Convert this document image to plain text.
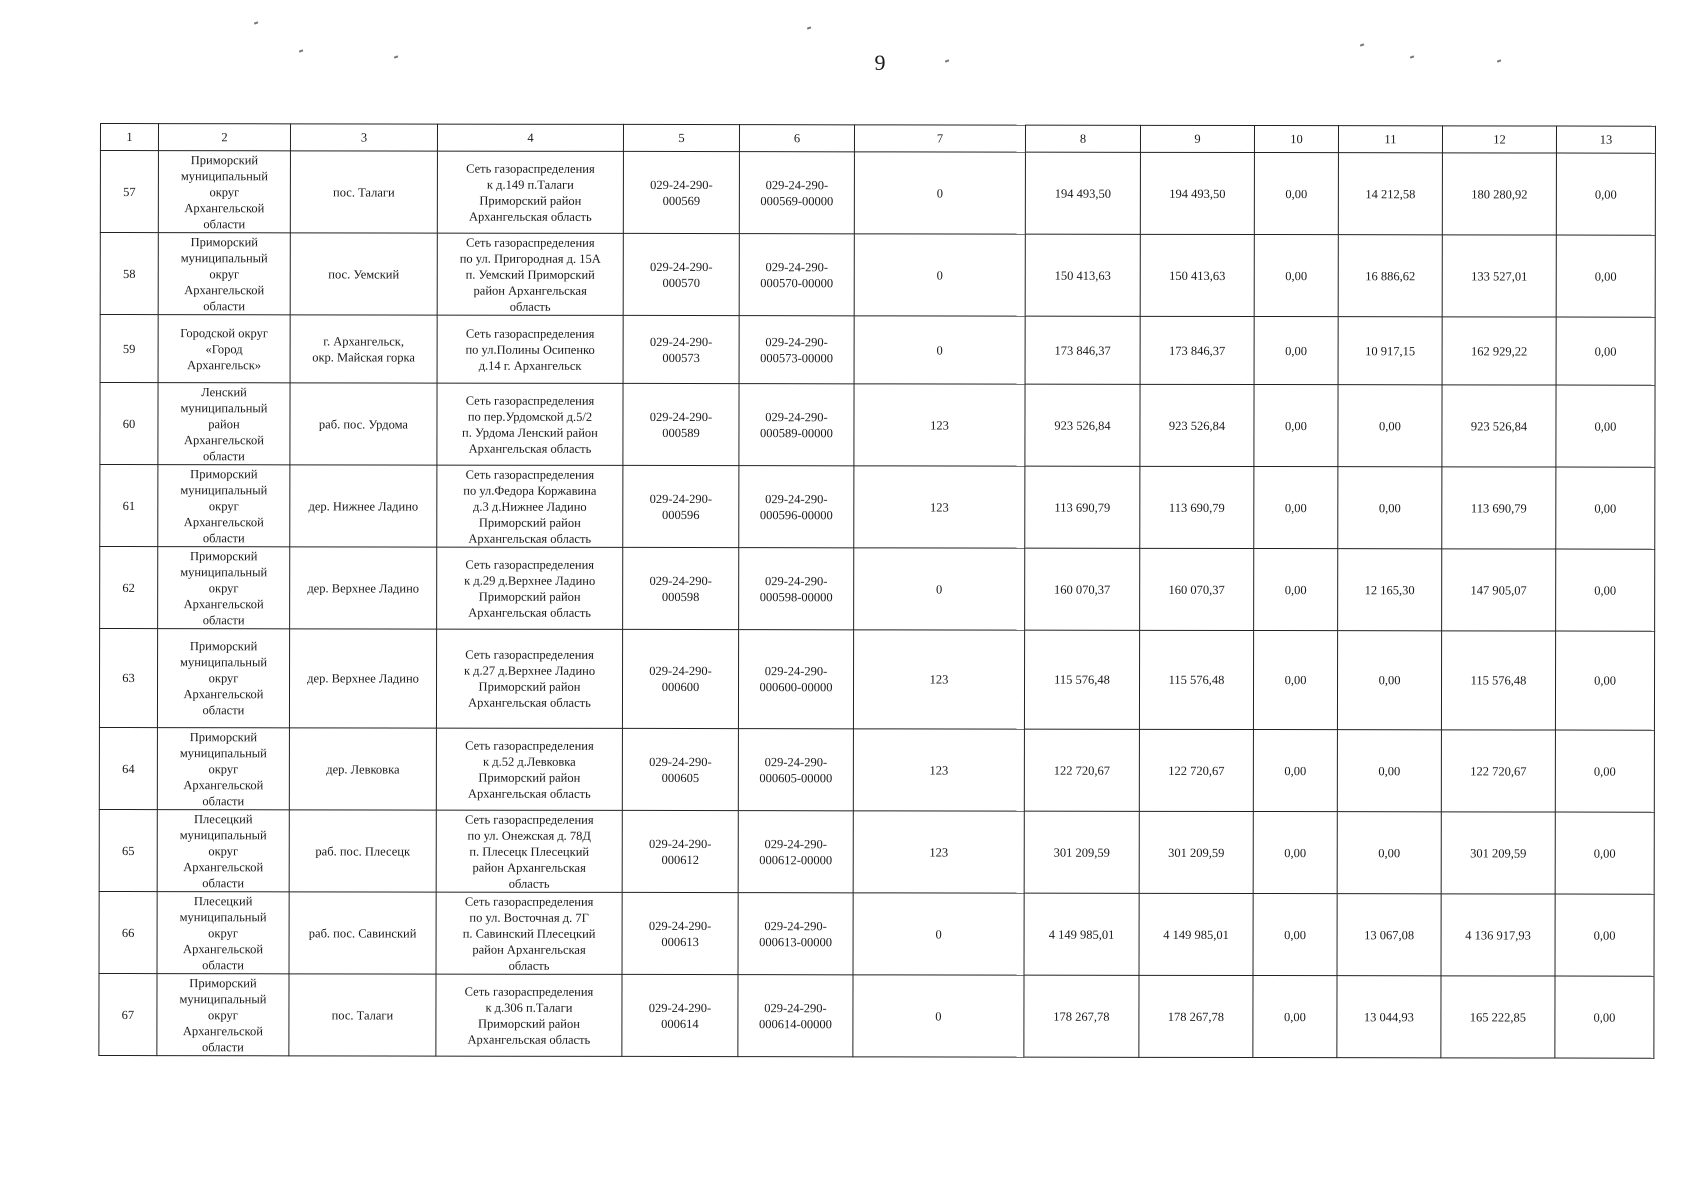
9
1	2	3	4	5	6	7	8	9	10	11	12	13
57	Приморский
муниципальный
округ
Архангельской
области	пос. Талаги	Сеть газораспределения
к д.149 п.Талаги
Приморский район
Архангельская область	029-24-290-
000569	029-24-290-
000569-00000	0	194 493,50	194 493,50	0,00	14 212,58	180 280,92	0,00
58	Приморский
муниципальный
округ
Архангельской
области	пос. Уемский	Сеть газораспределения
по ул. Пригородная д. 15А
п. Уемский Приморский
район Архангельская
область	029-24-290-
000570	029-24-290-
000570-00000	0	150 413,63	150 413,63	0,00	16 886,62	133 527,01	0,00
59	Городской округ
«Город
Архангельск»	г. Архангельск,
окр. Майская горка	Сеть газораспределения
по ул.Полины Осипенко
д.14 г. Архангельск	029-24-290-
000573	029-24-290-
000573-00000	0	173 846,37	173 846,37	0,00	10 917,15	162 929,22	0,00
60	Ленский
муниципальный
район
Архангельской
области	раб. пос. Урдома	Сеть газораспределения
по пер.Урдомской д.5/2
п. Урдома Ленский район
Архангельская область	029-24-290-
000589	029-24-290-
000589-00000	123	923 526,84	923 526,84	0,00	0,00	923 526,84	0,00
61	Приморский
муниципальный
округ
Архангельской
области	дер. Нижнее Ладино	Сеть газораспределения
по ул.Федора Коржавина
д.3 д.Нижнее Ладино
Приморский район
Архангельская область	029-24-290-
000596	029-24-290-
000596-00000	123	113 690,79	113 690,79	0,00	0,00	113 690,79	0,00
62	Приморский
муниципальный
округ
Архангельской
области	дер. Верхнее Ладино	Сеть газораспределения
к д.29 д.Верхнее Ладино
Приморский район
Архангельская область	029-24-290-
000598	029-24-290-
000598-00000	0	160 070,37	160 070,37	0,00	12 165,30	147 905,07	0,00
63	Приморский
муниципальный
округ
Архангельской
области	дер. Верхнее Ладино	Сеть газораспределения
к д.27 д.Верхнее Ладино
Приморский район
Архангельская область	029-24-290-
000600	029-24-290-
000600-00000	123	115 576,48	115 576,48	0,00	0,00	115 576,48	0,00
64	Приморский
муниципальный
округ
Архангельской
области	дер. Левковка	Сеть газораспределения
к д.52 д.Левковка
Приморский район
Архангельская область	029-24-290-
000605	029-24-290-
000605-00000	123	122 720,67	122 720,67	0,00	0,00	122 720,67	0,00
65	Плесецкий
муниципальный
округ
Архангельской
области	раб. пос. Плесецк	Сеть газораспределения
по ул. Онежская д. 78Д
п. Плесецк Плесецкий
район Архангельская
область	029-24-290-
000612	029-24-290-
000612-00000	123	301 209,59	301 209,59	0,00	0,00	301 209,59	0,00
66	Плесецкий
муниципальный
округ
Архангельской
области	раб. пос. Савинский	Сеть газораспределения
по ул. Восточная д. 7Г
п. Савинский Плесецкий
район Архангельская
область	029-24-290-
000613	029-24-290-
000613-00000	0	4 149 985,01	4 149 985,01	0,00	13 067,08	4 136 917,93	0,00
67	Приморский
муниципальный
округ
Архангельской
области	пос. Талаги	Сеть газораспределения
к д.306 п.Талаги
Приморский район
Архангельская область	029-24-290-
000614	029-24-290-
000614-00000	0	178 267,78	178 267,78	0,00	13 044,93	165 222,85	0,00
